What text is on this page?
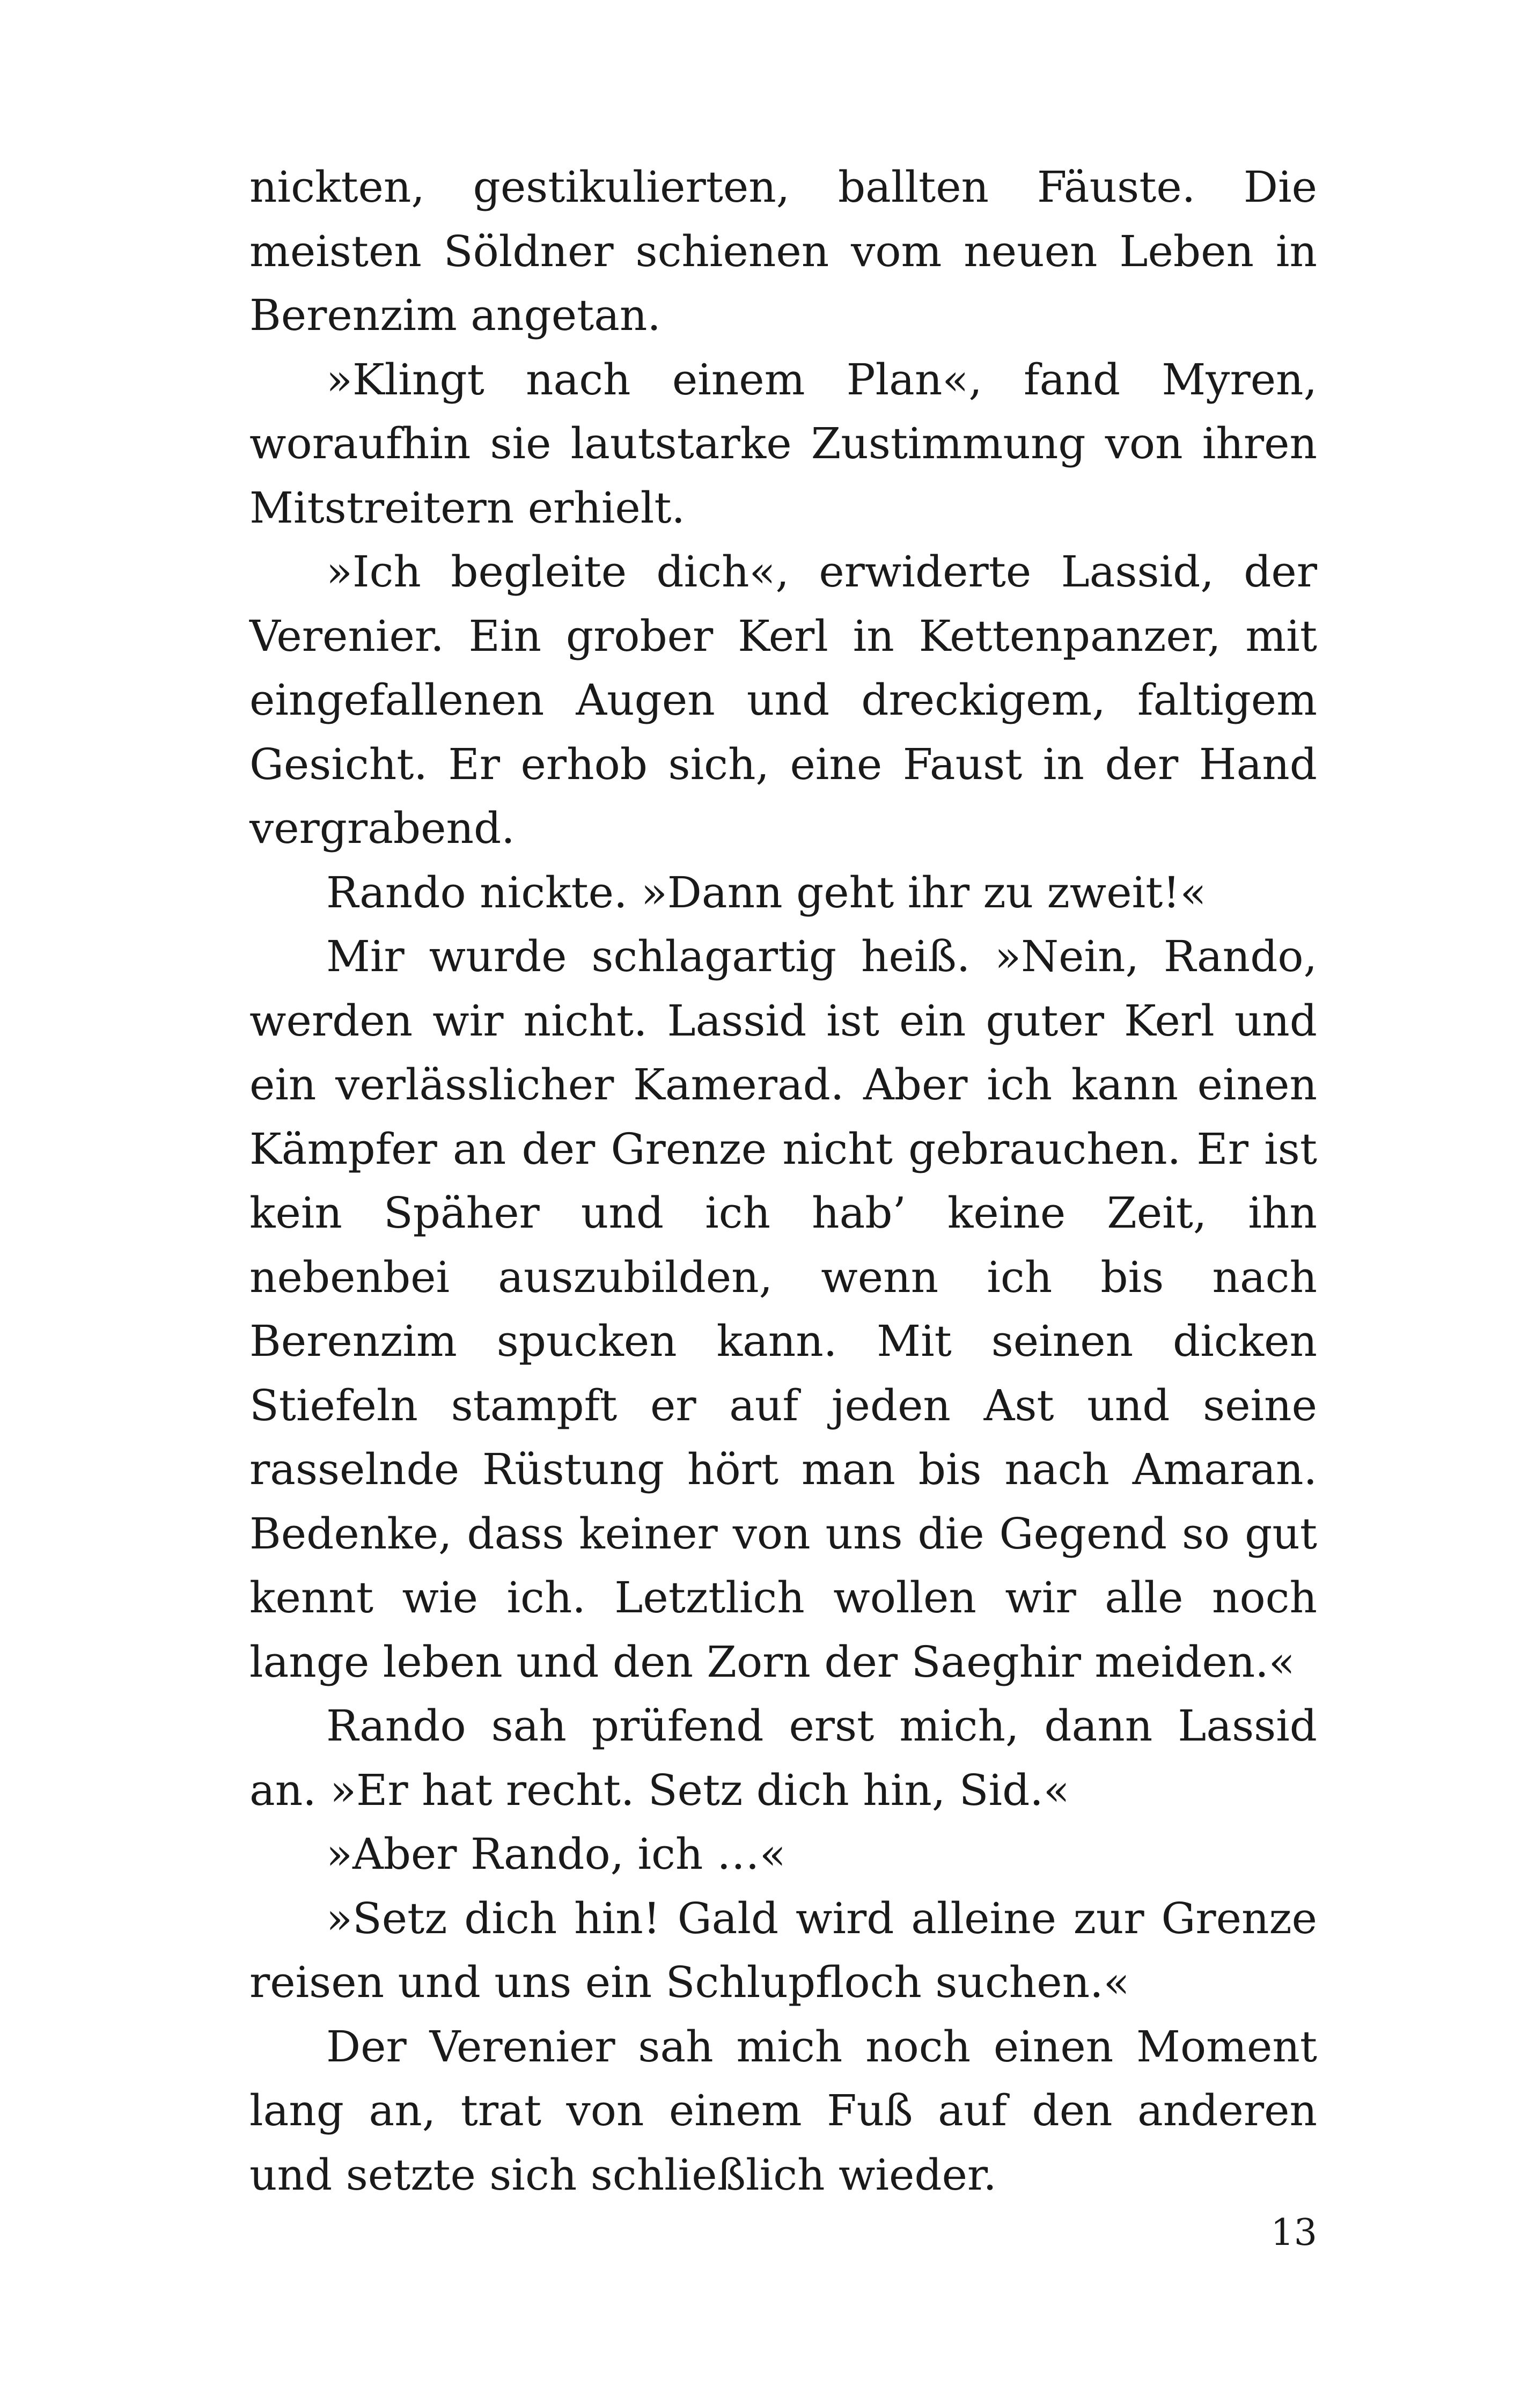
nickten, gestikulierten, ballten Fäuste. Die meisten Söldner schienen vom neuen Leben in Berenzim angetan.

»Klingt nach einem Plan«, fand Myren, woraufhin sie lautstarke Zustimmung von ihren Mitstreitern erhielt.

»Ich begleite dich«, erwiderte Lassid, der Verenier. Ein grober Kerl in Kettenpanzer, mit eingefallenen Augen und dreckigem, faltigem Gesicht. Er erhob sich, eine Faust in der Hand vergrabend.

Rando nickte. »Dann geht ihr zu zweit!«

Mir wurde schlagartig heiß. »Nein, Rando, werden wir nicht. Lassid ist ein guter Kerl und ein verlässlicher Kamerad. Aber ich kann einen Kämpfer an der Grenze nicht gebrauchen. Er ist kein Späher und ich hab’ keine Zeit, ihn nebenbei auszubilden, wenn ich bis nach Berenzim spucken kann. Mit seinen dicken Stiefeln stampft er auf jeden Ast und seine rasselnde Rüstung hört man bis nach Amaran. Bedenke, dass keiner von uns die Gegend so gut kennt wie ich. Letztlich wollen wir alle noch lange leben und den Zorn der Saeghir meiden.«

Rando sah prüfend erst mich, dann Lassid an. »Er hat recht. Setz dich hin, Sid.«

»Aber Rando, ich …«

»Setz dich hin! Gald wird alleine zur Grenze reisen und uns ein Schlupfloch suchen.«

Der Verenier sah mich noch einen Moment lang an, trat von einem Fuß auf den anderen und setzte sich schließlich wieder.

13
